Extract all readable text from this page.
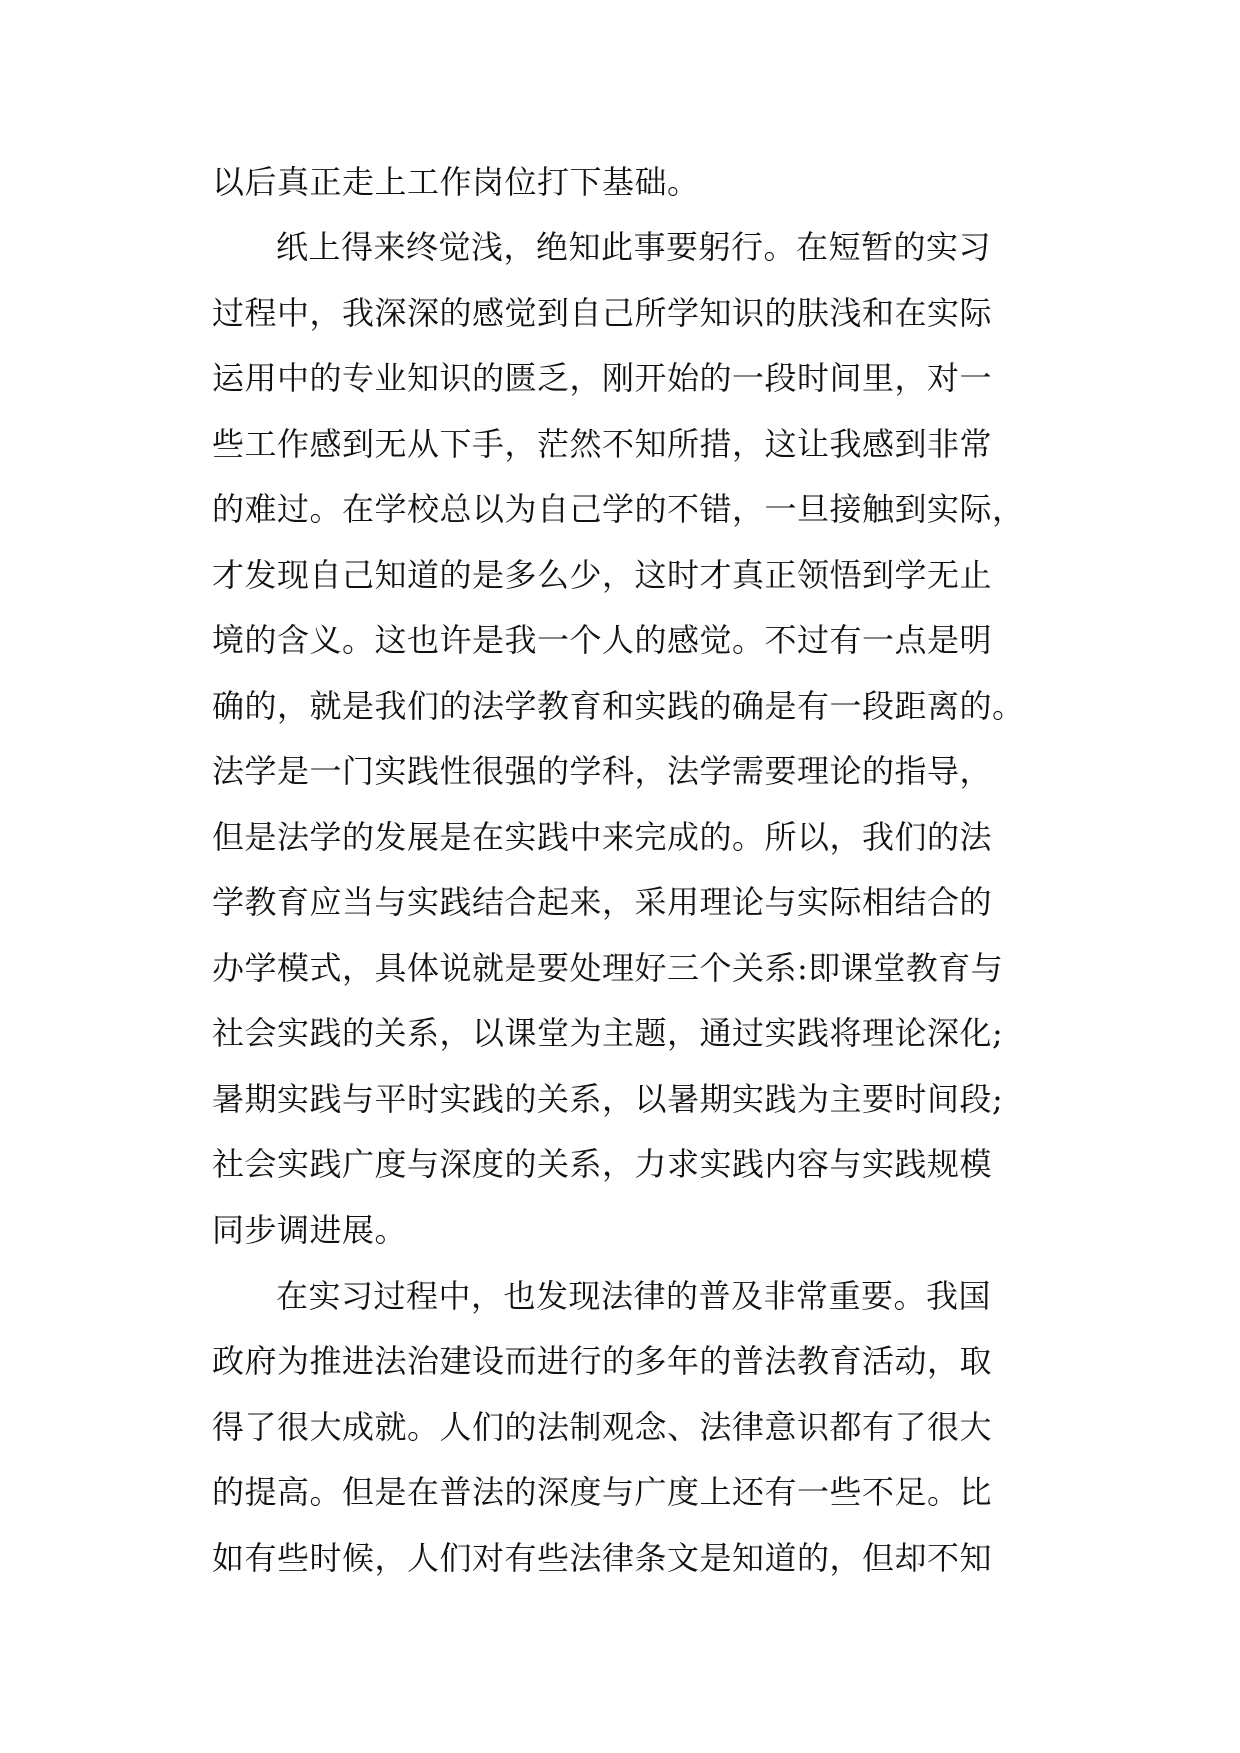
以后真正走上工作岗位打下基础。

纸上得来终觉浅，绝知此事要躬行。在短暂的实习

过程中，我深深的感觉到自己所学知识的肤浅和在实际

运用中的专业知识的匮乏，刚开始的一段时间里，对一

些工作感到无从下手，茫然不知所措，这让我感到非常

的难过。在学校总以为自己学的不错，一旦接触到实际，

才发现自己知道的是多么少，这时才真正领悟到学无止

境的含义。这也许是我一个人的感觉。不过有一点是明

确的，就是我们的法学教育和实践的确是有一段距离的。

法学是一门实践性很强的学科，法学需要理论的指导，

但是法学的发展是在实践中来完成的。所以，我们的法

学教育应当与实践结合起来，采用理论与实际相结合的

办学模式，具体说就是要处理好三个关系:即课堂教育与

社会实践的关系，以课堂为主题，通过实践将理论深化;

暑期实践与平时实践的关系，以暑期实践为主要时间段;

社会实践广度与深度的关系，力求实践内容与实践规模

同步调进展。

在实习过程中，也发现法律的普及非常重要。我国

政府为推进法治建设而进行的多年的普法教育活动，取

得了很大成就。人们的法制观念、法律意识都有了很大

的提高。但是在普法的深度与广度上还有一些不足。比

如有些时候，人们对有些法律条文是知道的，但却不知
